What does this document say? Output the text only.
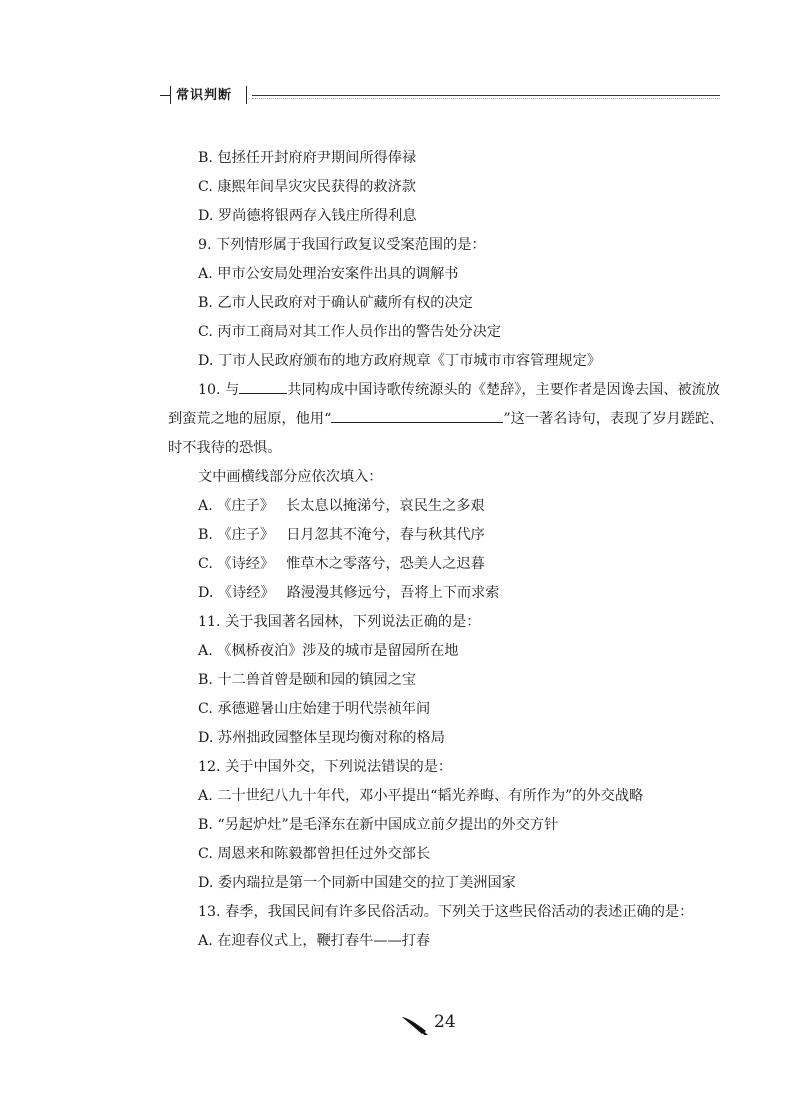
常识判断
B. 包拯任开封府府尹期间所得俸禄
C. 康熙年间旱灾灾民获得的救济款
D. 罗尚德将银两存入钱庄所得利息
9. 下列情形属于我国行政复议受案范围的是：
A. 甲市公安局处理治安案件出具的调解书
B. 乙市人民政府对于确认矿藏所有权的决定
C. 丙市工商局对其工作人员作出的警告处分决定
D. 丁市人民政府颁布的地方政府规章《丁市城市市容管理规定》
10. 与	共同构成中国诗歌传统源头的《楚辞》，主要作者是因谗去国、被流放到蛮荒之地的屈原，他用“	”这一著名诗句，表现了岁月蹉跎、时不我待的恐惧。
文中画横线部分应依次填入：
A. 《庄子》 长太息以掩涕兮，哀民生之多艰
B. 《庄子》 日月忽其不淹兮，春与秋其代序
C. 《诗经》 惟草木之零落兮，恐美人之迟暮
D. 《诗经》 路漫漫其修远兮，吾将上下而求索
11. 关于我国著名园林，下列说法正确的是：
A. 《枫桥夜泊》涉及的城市是留园所在地
B. 十二兽首曾是颐和园的镇园之宝
C. 承德避暑山庄始建于明代崇祯年间
D. 苏州拙政园整体呈现均衡对称的格局
12. 关于中国外交，下列说法错误的是：
A. 二十世纪八九十年代，邓小平提出“韬光养晦、有所作为”的外交战略
B. “另起炉灶”是毛泽东在新中国成立前夕提出的外交方针
C. 周恩来和陈毅都曾担任过外交部长
D. 委内瑞拉是第一个同新中国建交的拉丁美洲国家
13. 春季，我国民间有许多民俗活动。下列关于这些民俗活动的表述正确的是：
A. 在迎春仪式上，鞭打春牛——打春
24
